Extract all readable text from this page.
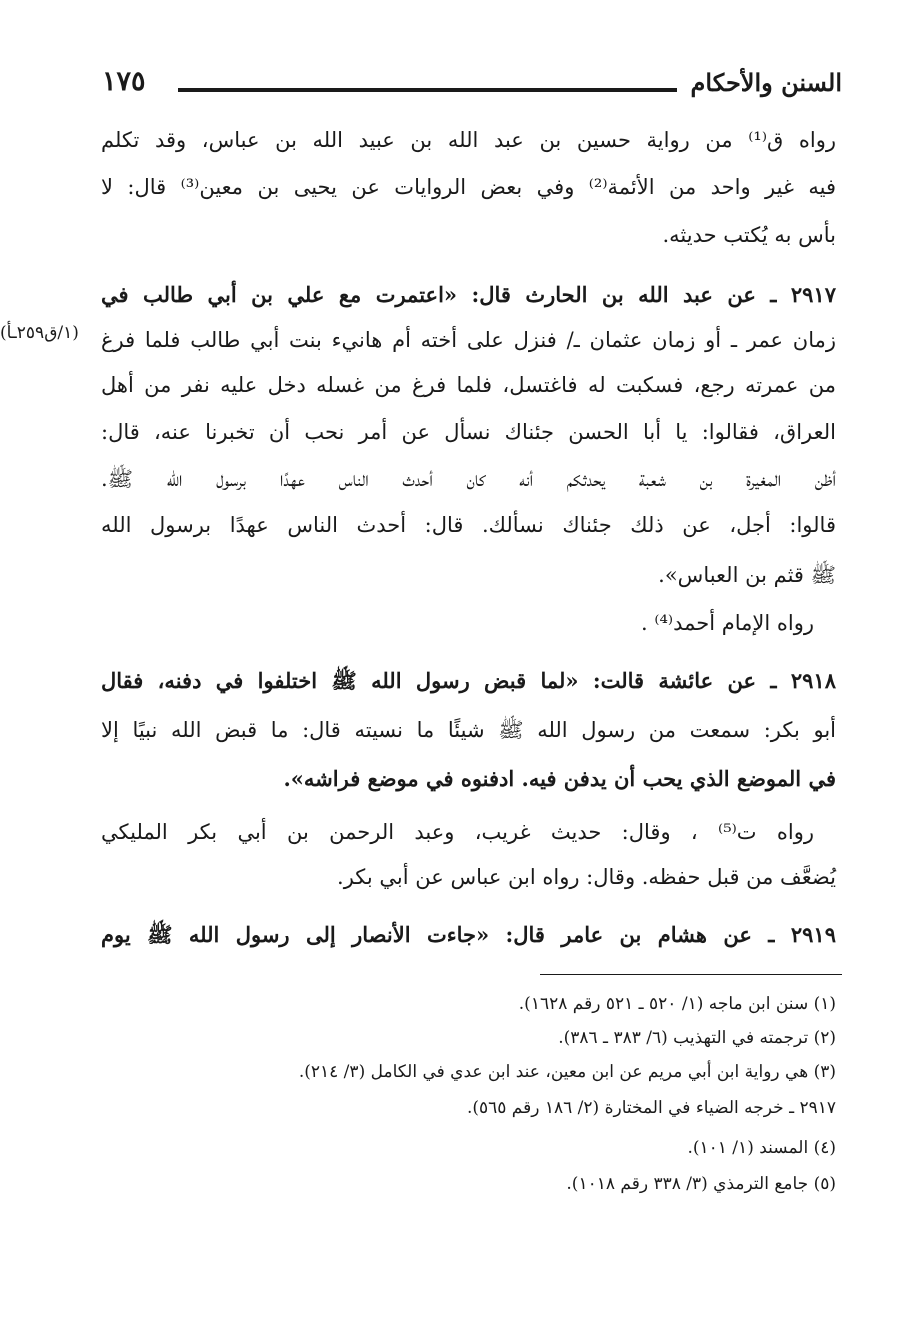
السنن والأحكام
١٧٥
رواه ق⁽¹⁾ من رواية حسين بن عبد الله بن عبيد الله بن عباس، وقد تكلم
فيه غير واحد من الأئمة⁽²⁾ وفي بعض الروايات عن يحيى بن معين⁽³⁾ قال: لا
بأس به يُكتب حديثه.
٢٩١٧ ـ عن عبد الله بن الحارث قال: «اعتمرت مع علي بن أبي طالب في
زمان عمر ـ أو زمان عثمان ـ/ فنزل على أخته أم هانيء بنت أبي طالب فلما فرغ
(١/ق٢٥٩ـأ)
من عمرته رجع، فسكبت له فاغتسل، فلما فرغ من غسله دخل عليه نفر من أهل
العراق، فقالوا: يا أبا الحسن جئناك نسأل عن أمر نحب أن تخبرنا عنه، قال:
أظن المغيرة بن شعبة يحدثكم أنه كان أحدث الناس عهدًا برسول الله ﷺ.
قالوا: أجل، عن ذلك جئناك نسألك. قال: أحدث الناس عهدًا برسول الله
ﷺ قثم بن العباس».
رواه الإمام أحمد⁽⁴⁾ .
٢٩١٨ ـ عن عائشة قالت: «لما قبض رسول الله ﷺ اختلفوا في دفنه، فقال
أبو بكر: سمعت من رسول الله ﷺ شيئًا ما نسيته قال: ما قبض الله نبيًا إلا
في الموضع الذي يحب أن يدفن فيه. ادفنوه في موضع فراشه».
رواه ت⁽⁵⁾ ، وقال: حديث غريب، وعبد الرحمن بن أبي بكر المليكي
يُضعَّف من قبل حفظه. وقال: رواه ابن عباس عن أبي بكر.
٢٩١٩ ـ عن هشام بن عامر قال: «جاءت الأنصار إلى رسول الله ﷺ يوم
(١) سنن ابن ماجه (١/ ٥٢٠ ـ ٥٢١ رقم ١٦٢٨).
(٢) ترجمته في التهذيب (٦/ ٣٨٣ ـ ٣٨٦).
(٣) هي رواية ابن أبي مريم عن ابن معين، عند ابن عدي في الكامل (٣/ ٢١٤).
٢٩١٧ ـ خرجه الضياء في المختارة (٢/ ١٨٦ رقم ٥٦٥).
(٤) المسند (١/ ١٠١).
(٥) جامع الترمذي (٣/ ٣٣٨ رقم ١٠١٨).
